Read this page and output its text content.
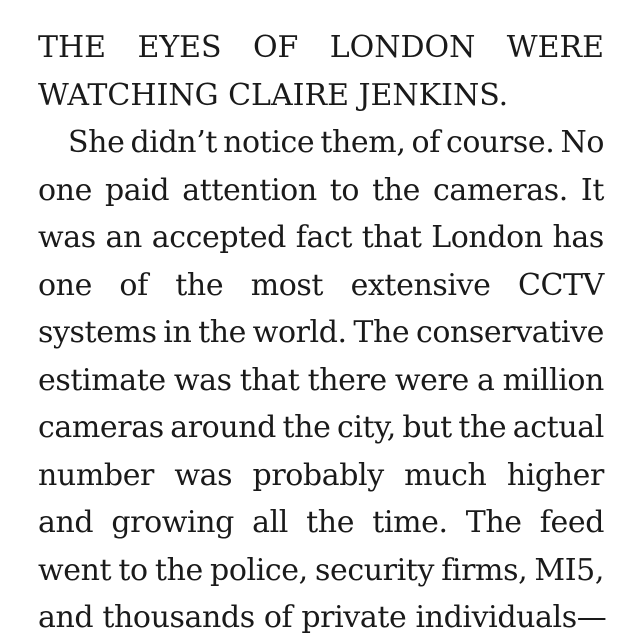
THE EYES OF LONDON WERE
WATCHING CLAIRE JENKINS.
She didn’t notice them, of course. No
one paid attention to the cameras. It
was an accepted fact that London has
one of the most extensive CCTV
systems in the world. The conservative
estimate was that there were a million
cameras around the city, but the actual
number was probably much higher
and growing all the time. The feed
went to the police, security firms, MI5,
and thousands of private individuals—
